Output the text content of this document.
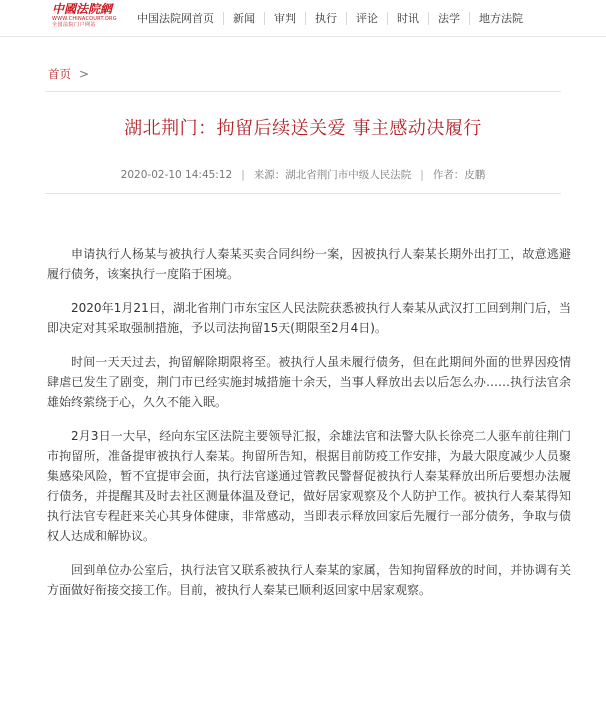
中國法院網
WWW.CHINACOURT.ORG
全国法院门户网站	中国法院网首页	新闻	审判	执行	评论	时讯	法学	地方法院
首页 >
湖北荆门：拘留后续送关爱 事主感动决履行
2020-02-10 14:45:12 | 来源：湖北省荆门市中级人民法院 | 作者：皮鹏

申请执行人杨某与被执行人秦某买卖合同纠纷一案，因被执行人秦某长期外出打工，故意逃避履行债务，该案执行一度陷于困境。

2020年1月21日，湖北省荆门市东宝区人民法院获悉被执行人秦某从武汉打工回到荆门后，当即决定对其采取强制措施，予以司法拘留15天(期限至2月4日)。

时间一天天过去，拘留解除期限将至。被执行人虽未履行债务，但在此期间外面的世界因疫情肆虐已发生了剧变，荆门市已经实施封城措施十余天，当事人释放出去以后怎么办……执行法官余雄始终萦绕于心，久久不能入眠。

2月3日一大早，经向东宝区法院主要领导汇报，余雄法官和法警大队长徐亮二人驱车前往荆门市拘留所，准备提审被执行人秦某。拘留所告知，根据目前防疫工作安排，为最大限度减少人员聚集感染风险，暂不宜提审会面，执行法官遂通过管教民警督促被执行人秦某释放出所后要想办法履行债务，并提醒其及时去社区测量体温及登记，做好居家观察及个人防护工作。被执行人秦某得知执行法官专程赶来关心其身体健康，非常感动，当即表示释放回家后先履行一部分债务，争取与债权人达成和解协议。

回到单位办公室后，执行法官又联系被执行人秦某的家属，告知拘留释放的时间，并协调有关方面做好衔接交接工作。目前，被执行人秦某已顺利返回家中居家观察。
